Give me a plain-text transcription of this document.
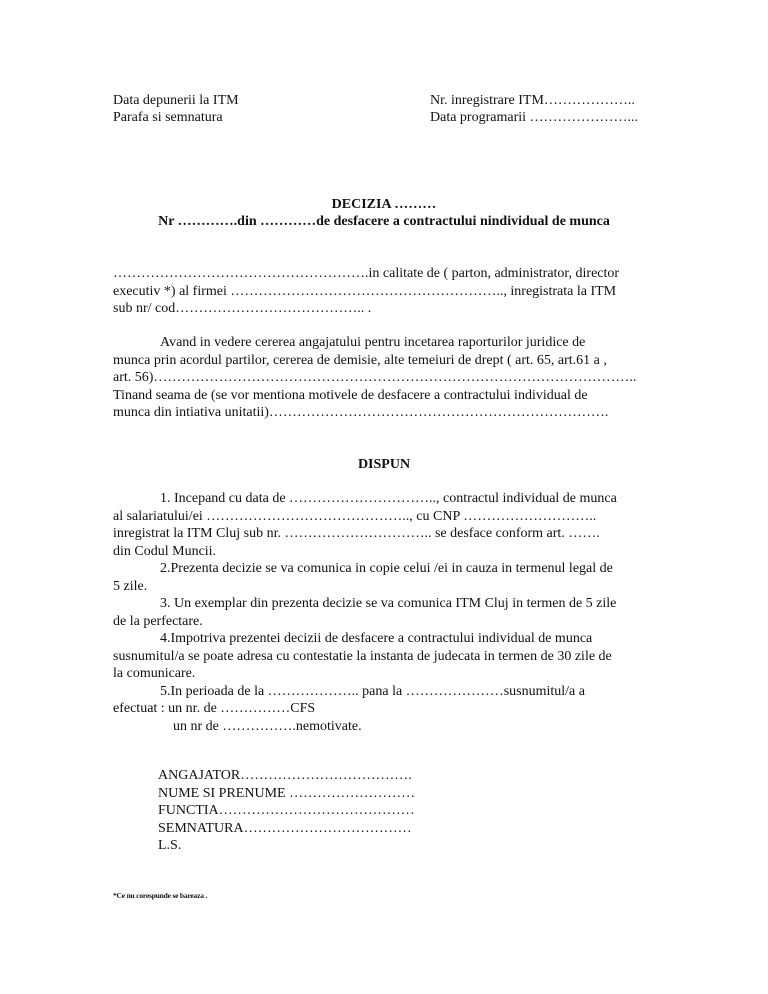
Data depunerii la ITM
Parafa si semnatura
Nr. inregistrare ITM………………..
Data programarii …………………...
DECIZIA ………
Nr ………….din …………de desfacere a contractului nindividual de munca
……………………………………………….in calitate de ( parton, administrator, director
executiv *) al firmei ………………………………………………….., inregistrata la ITM
sub nr/ cod………………………………….. .
Avand in vedere cererea angajatului pentru incetarea raporturilor juridice de
munca prin acordul partilor, cererea de demisie, alte temeiuri de drept ( art. 65, art.61 a ,
art. 56)…………………………………………………………………………………………..
Tinand seama de (se vor mentiona motivele de desfacere a contractului individual de
munca din intiativa unitatii)……………………………………………………………….
DISPUN
1. Incepand cu data de ………………………….., contractul individual de munca
al salariatului/ei …………………………………….., cu CNP ………………………..
inregistrat la ITM Cluj sub nr. ………………………….. se desface conform art. …….
din Codul Muncii.
2.Prezenta decizie se va comunica in copie celui /ei in cauza in termenul legal de
5 zile.
3. Un exemplar din prezenta decizie se va comunica ITM Cluj in termen de 5 zile
de la perfectare.
4.Impotriva prezentei decizii de desfacere a contractului individual de munca
susnumitul/a se poate adresa cu contestatie la instanta de judecata in termen de 30 zile de
la comunicare.
5.In perioada de la ……………….. pana la …………………susnumitul/a a
efectuat : un nr. de ……………CFS
un nr de …………….nemotivate.
ANGAJATOR……………………………….
NUME SI PRENUME ………………………
FUNCTIA……………………………………
SEMNATURA………………………………
L.S.
*Ce nu corespunde se bareaza .
